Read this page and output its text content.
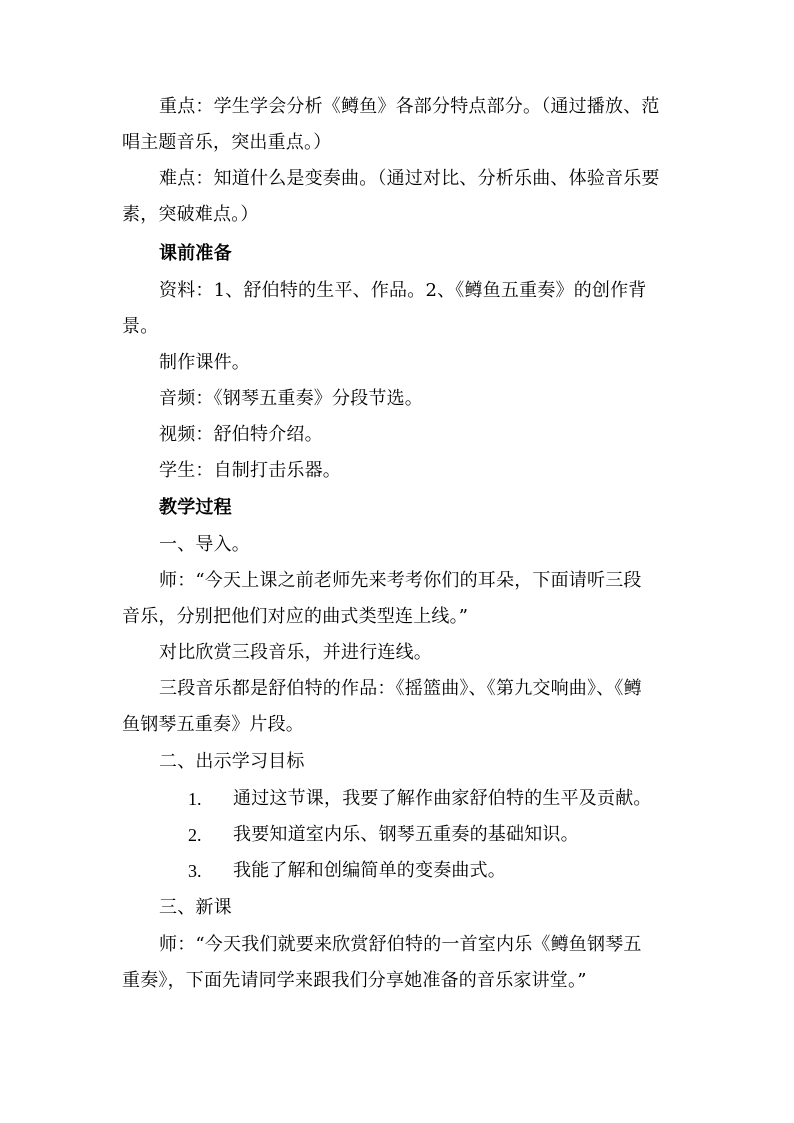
重点：学生学会分析《鳟鱼》各部分特点部分。（通过播放、范
唱主题音乐，突出重点。）
难点：知道什么是变奏曲。（通过对比、分析乐曲、体验音乐要
素，突破难点。）
课前准备
资料：1、舒伯特的生平、作品。2、《鳟鱼五重奏》的创作背
景。
制作课件。
音频：《钢琴五重奏》分段节选。
视频：舒伯特介绍。
学生：自制打击乐器。
教学过程
一、导入。
师：“今天上课之前老师先来考考你们的耳朵，下面请听三段
音乐，分别把他们对应的曲式类型连上线。”
对比欣赏三段音乐，并进行连线。
三段音乐都是舒伯特的作品：《摇篮曲》、《第九交响曲》、《鳟
鱼钢琴五重奏》片段。
二、出示学习目标
1. 通过这节课，我要了解作曲家舒伯特的生平及贡献。
2. 我要知道室内乐、钢琴五重奏的基础知识。
3. 我能了解和创编简单的变奏曲式。
三、新课
师：“今天我们就要来欣赏舒伯特的一首室内乐《鳟鱼钢琴五
重奏》，下面先请同学来跟我们分享她准备的音乐家讲堂。”
